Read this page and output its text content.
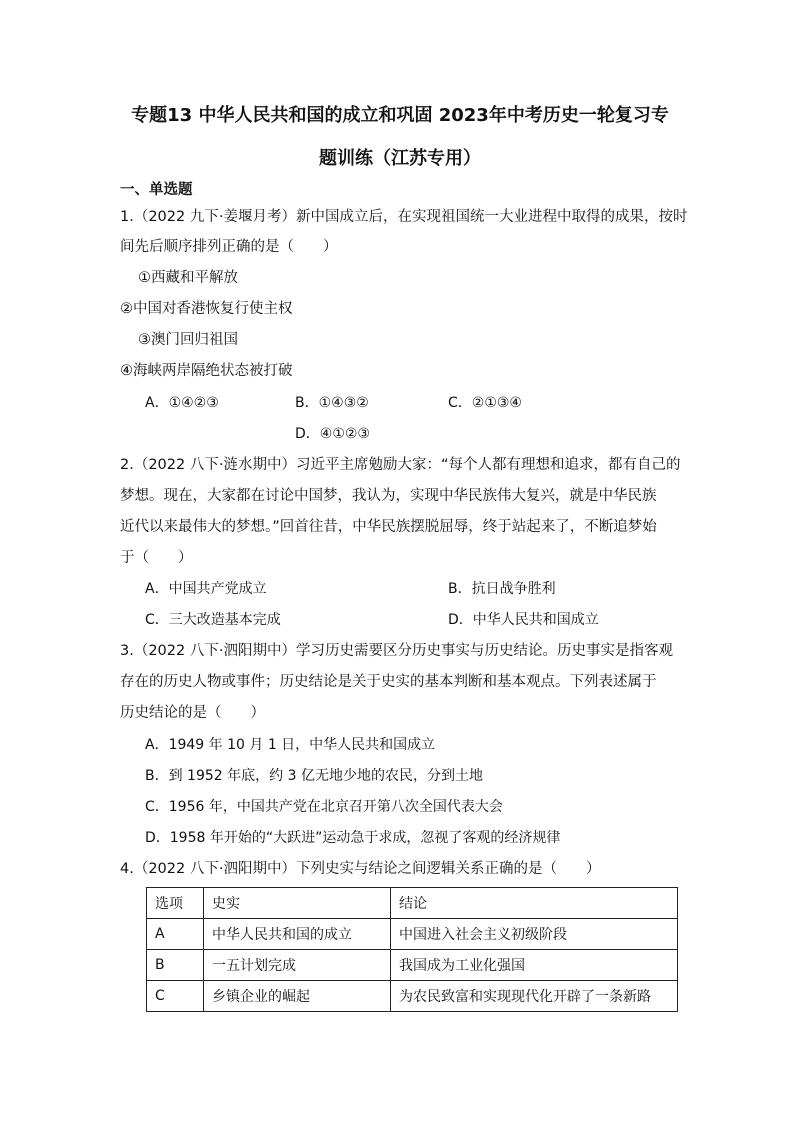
专题13 中华人民共和国的成立和巩固 2023年中考历史一轮复习专
题训练（江苏专用）
一、单选题
1.（2022 九下·姜堰月考）新中国成立后，在实现祖国统一大业进程中取得的成果，按时
间先后顺序排列正确的是（　　）
①西藏和平解放
②中国对香港恢复行使主权
③澳门回归祖国
④海峡两岸隔绝状态被打破
A．①④②③	B．①④③②	C．②①③④
D．④①②③
2.（2022 八下·涟水期中）习近平主席勉励大家：“每个人都有理想和追求，都有自己的
梦想。现在，大家都在讨论中国梦，我认为，实现中华民族伟大复兴，就是中华民族
近代以来最伟大的梦想。”回首往昔，中华民族摆脱屈辱，终于站起来了，不断追梦始
于（　　）
A．中国共产党成立	B．抗日战争胜利
C．三大改造基本完成	D．中华人民共和国成立
3.（2022 八下·泗阳期中）学习历史需要区分历史事实与历史结论。历史事实是指客观
存在的历史人物或事件；历史结论是关于史实的基本判断和基本观点。下列表述属于
历史结论的是（　　）
A．1949 年 10 月 1 日，中华人民共和国成立
B．到 1952 年底，约 3 亿无地少地的农民，分到土地
C．1956 年，中国共产党在北京召开第八次全国代表大会
D．1958 年开始的“大跃进”运动急于求成，忽视了客观的经济规律
4.（2022 八下·泗阳期中）下列史实与结论之间逻辑关系正确的是（　　）
选项	史实	结论
A	中华人民共和国的成立	中国进入社会主义初级阶段
B	一五计划完成	我国成为工业化强国
C	乡镇企业的崛起	为农民致富和实现现代化开辟了一条新路
